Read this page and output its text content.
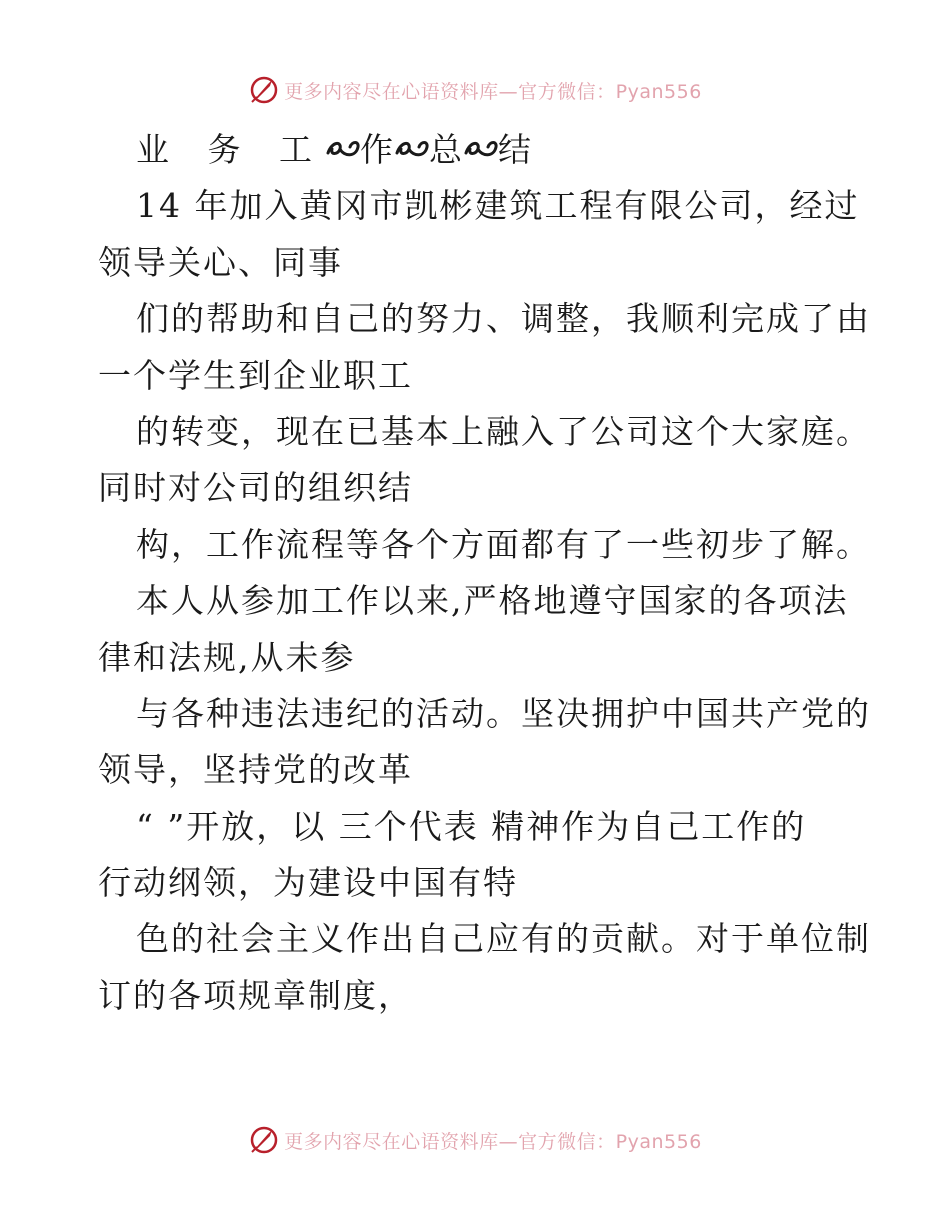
更多内容尽在心语资料库—官方微信：Pyan556
业 务 工 作 总 结
14 年加入黄冈市凯彬建筑工程有限公司，经过
领导关心、同事
们的帮助和自己的努力、调整，我顺利完成了由
一个学生到企业职工
的转变，现在已基本上融入了公司这个大家庭。
同时对公司的组织结
构，工作流程等各个方面都有了一些初步了解。
本人从参加工作以来,严格地遵守国家的各项法
律和法规,从未参
与各种违法违纪的活动。坚决拥护中国共产党的
领导，坚持党的改革
“ ”开放，以 三个代表 精神作为自己工作的
行动纲领，为建设中国有特
色的社会主义作出自己应有的贡献。对于单位制
订的各项规章制度，
更多内容尽在心语资料库—官方微信：Pyan556
